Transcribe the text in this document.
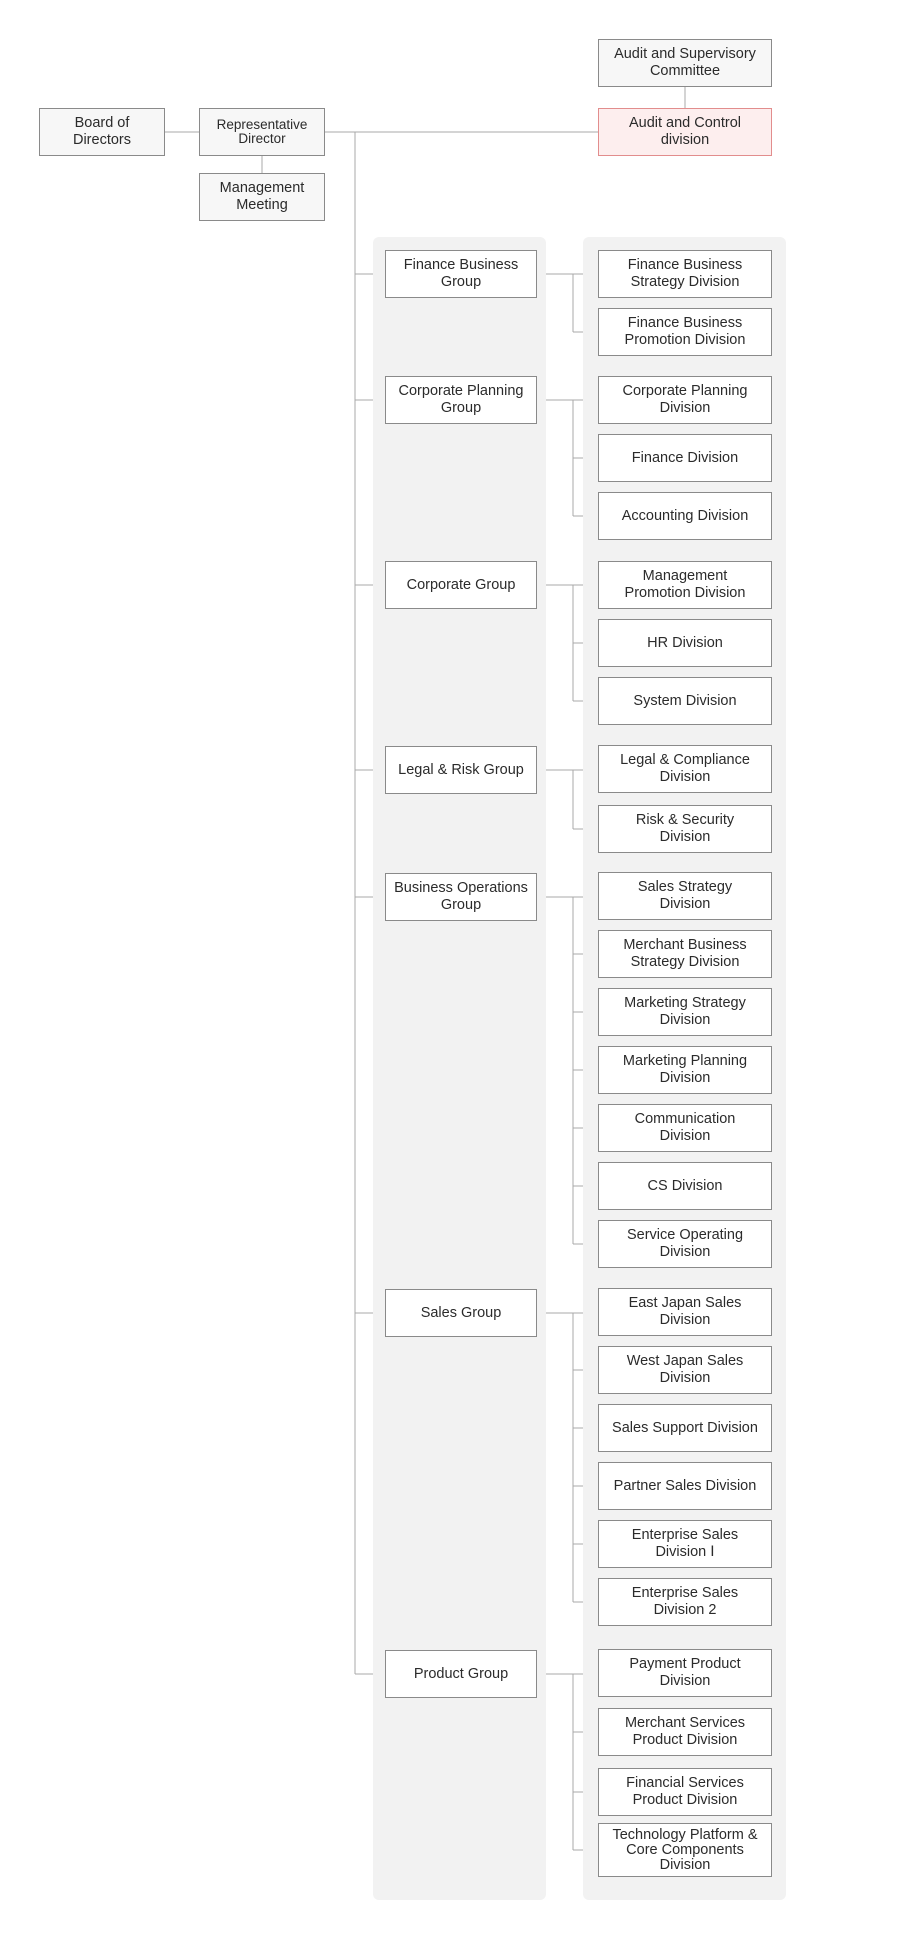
Board of
Directors
Representative
Director
Management
Meeting
Audit and Supervisory
Committee
Audit and Control
division
Finance Business
Group
Finance Business
Strategy Division
Finance Business
Promotion Division
Corporate Planning
Group
Corporate Planning
Division
Finance Division
Accounting Division
Corporate Group
Management
Promotion Division
HR Division
System Division
Legal & Risk Group
Legal & Compliance
Division
Risk & Security
Division
Business Operations
Group
Sales Strategy
Division
Merchant Business
Strategy Division
Marketing Strategy
Division
Marketing Planning
Division
Communication
Division
CS Division
Service Operating
Division
Sales Group
East Japan Sales
Division
West Japan Sales
Division
Sales Support Division
Partner Sales Division
Enterprise Sales
Division Ⅰ
Enterprise Sales
Division 2
Product Group
Payment Product
Division
Merchant Services
Product Division
Financial Services
Product Division
Technology Platform &
Core Components
Division
